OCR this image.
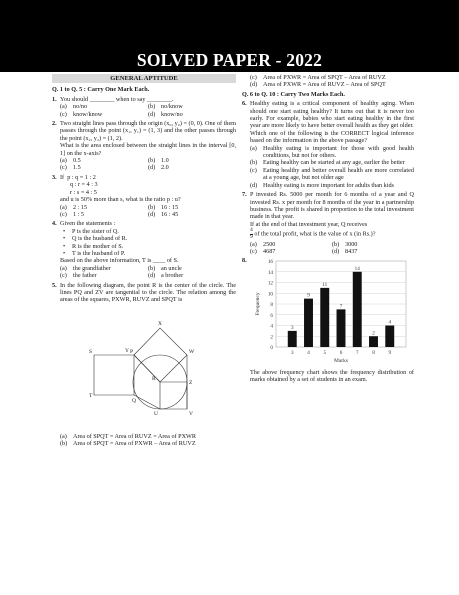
SOLVED PAPER - 2022
GENERAL APTITUDE

Q. 1 to Q. 5 : Carry One Mark Each.

1. You should ________ when to say ________.

(a) no/no	(b) no/know
(c) know/know	(d) know/no
2. Two straight lines pass through the origin (x₀, y₀) = (0, 0). One of them passes through the point (x₁, y₁) = (1, 3) and the other passes through the point (x₂, y₂) = (1, 2).

What is the area enclosed between the straight lines in the interval [0, 1] on the x-axis?

(a) 0.5	(b) 1.0
(c) 1.5	(d) 2.0
3. If p : q = 1 : 2

q : r = 4 : 3

r : s = 4 : 5

and u is 50% more than s, what is the ratio p : u?

(a) 2 : 15	(b) 16 : 15
(c) 1 : 5	(d) 16 : 45
4. Given the statements :

• P is the sister of Q.
• Q is the husband of R.
• R is the mother of S.
• T is the husband of P.

Based on the above information, T is ____ of S.

(a) the grandfather	(b) an uncle
(c) the father	(d) a brother
5. In the following diagram, the point R is the center of the circle. The lines PQ and ZV are tangential to the circle. The relation among the areas of the squares, PXWR, RUVZ and SPQT is

X
Y
T
Q
R
S	P
U	V
W
Z
(a) Area of SPQT = Area of RUVZ = Area of PXWR
(b) Area of SPQT = Area of PXWR – Area of RUVZ
(c) Area of PXWR = Area of SPQT – Area of RUVZ
(d) Area of PXWR = Area of RUVZ – Area of SPQT

Q. 6 to Q. 10 : Carry Two Marks Each.

6. Healthy eating is a critical component of healthy aging. When should one start eating healthy? It turns out that it is never too early. For example, babies who start eating healthy in the first year are more likely to have better overall health as they get older.

Which one of the following is the CORRECT logical inference based on the information in the above passage?

(a) Healthy eating is important for those with good health conditions, but not for others.
(b) Eating healthy can be started at any age, earlier the better
(c) Eating healthy and better overall health are more correlated at a young age, but not older age
(d) Healthy eating is more important for adults than kids
7. P invested Rs. 5000 per month for 6 months of a year and Q invested Rs. x per month for 8 months of the year in a partnership business. The profit is shared in proportion to the total investment made in that year.

If at the end of that investment year, Q receives

$\frac{4}{9}$ of the total profit, what is the value of x (in Rs.)?

(a) 2500	(b) 3000
(c) 4687	(d) 8437
8.
0
2
4
6
8
10
12
14
16
3
3
9
4
11
5
7
6
14
7
2
8
4
9
Marks
Frequency

The above frequency chart shows the frequency distribution of marks obtained by a set of students in an exam.
